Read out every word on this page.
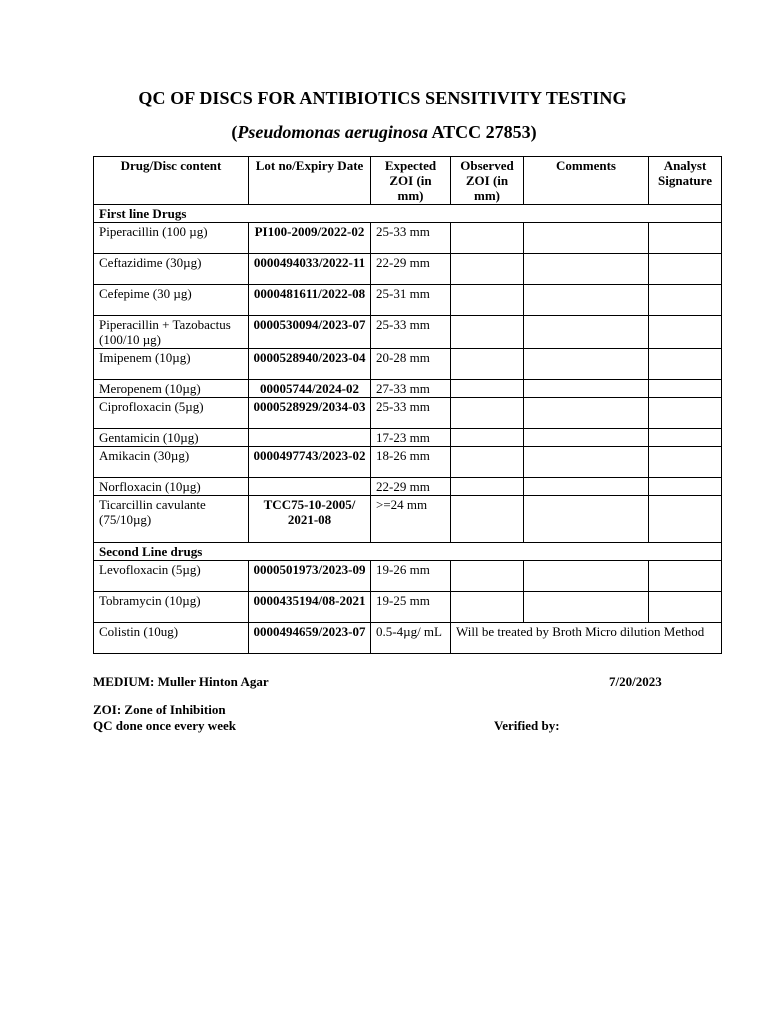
QC OF DISCS FOR ANTIBIOTICS SENSITIVITY TESTING
(Pseudomonas aeruginosa ATCC 27853)
Drug/Disc content	Lot no/Expiry Date	Expected ZOI (in mm)	Observed ZOI (in mm)	Comments	Analyst Signature
First line Drugs					
Piperacillin (100 µg)	PI100-2009/2022-02	25-33 mm			
Ceftazidime (30µg)	0000494033/2022-11	22-29 mm			
Cefepime (30 µg)	0000481611/2022-08	25-31 mm			
Piperacillin + Tazobactus (100/10 µg)	0000530094/2023-07	25-33 mm			
Imipenem (10µg)	0000528940/2023-04	20-28 mm			
Meropenem (10µg)	00005744/2024-02	27-33 mm			
Ciprofloxacin (5µg)	0000528929/2034-03	25-33 mm			
Gentamicin (10µg)		17-23 mm			
Amikacin (30µg)	0000497743/2023-02	18-26 mm			
Norfloxacin (10µg)		22-29 mm			
Ticarcillin cavulante (75/10µg)	TCC75-10-2005/ 2021-08	>=24 mm			
Second Line drugs					
Levofloxacin (5µg)	0000501973/2023-09	19-26 mm			
Tobramycin (10µg)	0000435194/08-2021	19-25 mm			
Colistin (10ug)	0000494659/2023-07	0.5-4µg/ mL	Will be treated by Broth Micro dilution Method		
MEDIUM: Muller Hinton Agar	7/20/2023
ZOI: Zone of Inhibition
QC done once every week	Verified by:
